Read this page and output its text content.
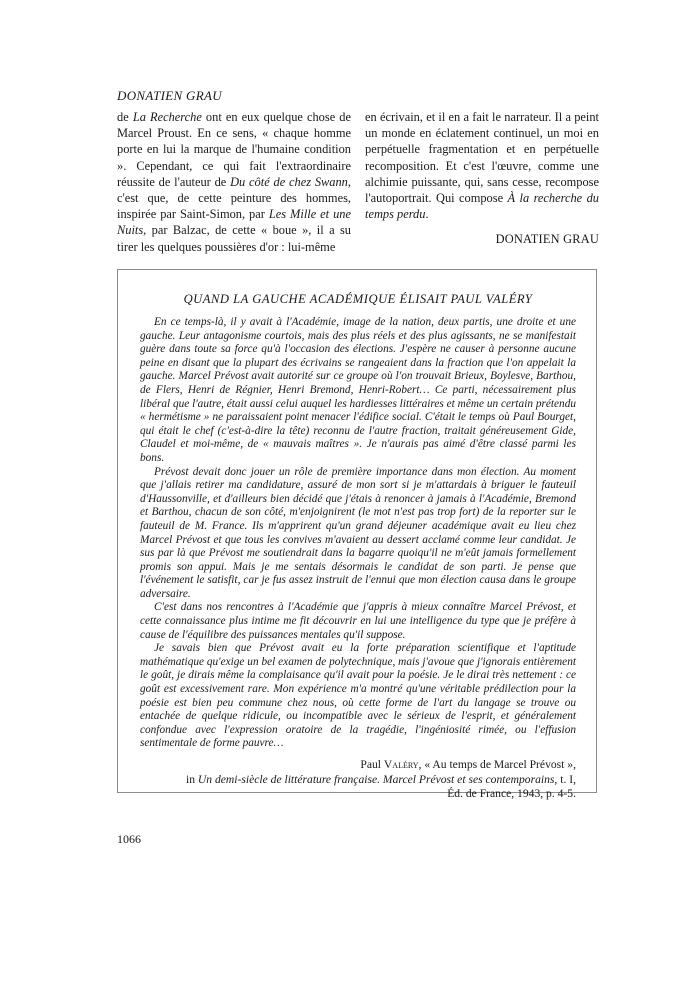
DONATIEN GRAU

de La Recherche ont en eux quelque chose de Marcel Proust. En ce sens, « chaque homme porte en lui la marque de l'humaine condition ». Cependant, ce qui fait l'extraordinaire réussite de l'auteur de Du côté de chez Swann, c'est que, de cette peinture des hommes, inspirée par Saint-Simon, par Les Mille et une Nuits, par Balzac, de cette « boue », il a su tirer les quelques poussières d'or : lui-même

en écrivain, et il en a fait le narrateur. Il a peint un monde en éclatement continuel, un moi en perpétuelle fragmentation et en perpétuelle recomposition. Et c'est l'œuvre, comme une alchimie puissante, qui, sans cesse, recompose l'autoportrait. Qui compose À la recherche du temps perdu.

DONATIEN GRAU
QUAND LA GAUCHE ACADÉMIQUE ÉLISAIT PAUL VALÉRY

En ce temps-là, il y avait à l'Académie, image de la nation, deux partis, une droite et une gauche. Leur antagonisme courtois, mais des plus réels et des plus agissants, ne se manifestait guère dans toute sa force qu'à l'occasion des élections. J'espère ne causer à personne aucune peine en disant que la plupart des écrivains se rangeaient dans la fraction que l'on appelait la gauche. Marcel Prévost avait autorité sur ce groupe où l'on trouvait Brieux, Boylesve, Barthou, de Flers, Henri de Régnier, Henri Bremond, Henri-Robert… Ce parti, nécessairement plus libéral que l'autre, était aussi celui auquel les hardiesses littéraires et même un certain prétendu « hermétisme » ne paraissaient point menacer l'édifice social. C'était le temps où Paul Bourget, qui était le chef (c'est-à-dire la tête) reconnu de l'autre fraction, traitait généreusement Gide, Claudel et moi-même, de « mauvais maîtres ». Je n'aurais pas aimé d'être classé parmi les bons.

Prévost devait donc jouer un rôle de première importance dans mon élection. Au moment que j'allais retirer ma candidature, assuré de mon sort si je m'attardais à briguer le fauteuil d'Haussonville, et d'ailleurs bien décidé que j'étais à renoncer à jamais à l'Académie, Bremond et Barthou, chacun de son côté, m'enjoignirent (le mot n'est pas trop fort) de la reporter sur le fauteuil de M. France. Ils m'apprirent qu'un grand déjeuner académique avait eu lieu chez Marcel Prévost et que tous les convives m'avaient au dessert acclamé comme leur candidat. Je sus par là que Prévost me soutiendrait dans la bagarre quoiqu'il ne m'eût jamais formellement promis son appui. Mais je me sentais désormais le candidat de son parti. Je pense que l'événement le satisfit, car je fus assez instruit de l'ennui que mon élection causa dans le groupe adversaire.

C'est dans nos rencontres à l'Académie que j'appris à mieux connaître Marcel Prévost, et cette connaissance plus intime me fit découvrir en lui une intelligence du type que je préfère à cause de l'équilibre des puissances mentales qu'il suppose.

Je savais bien que Prévost avait eu la forte préparation scientifique et l'aptitude mathématique qu'exige un bel examen de polytechnique, mais j'avoue que j'ignorais entièrement le goût, je dirais même la complaisance qu'il avait pour la poésie. Je le dirai très nettement : ce goût est excessivement rare. Mon expérience m'a montré qu'une véritable prédilection pour la poésie est bien peu commune chez nous, où cette forme de l'art du langage se trouve ou entachée de quelque ridicule, ou incompatible avec le sérieux de l'esprit, et généralement confondue avec l'expression oratoire de la tragédie, l'ingéniosité rimée, ou l'effusion sentimentale de forme pauvre…

Paul Valéry, « Au temps de Marcel Prévost »,
in Un demi-siècle de littérature française. Marcel Prévost et ses contemporains, t. I,
Éd. de France, 1943, p. 4-5.
1066
